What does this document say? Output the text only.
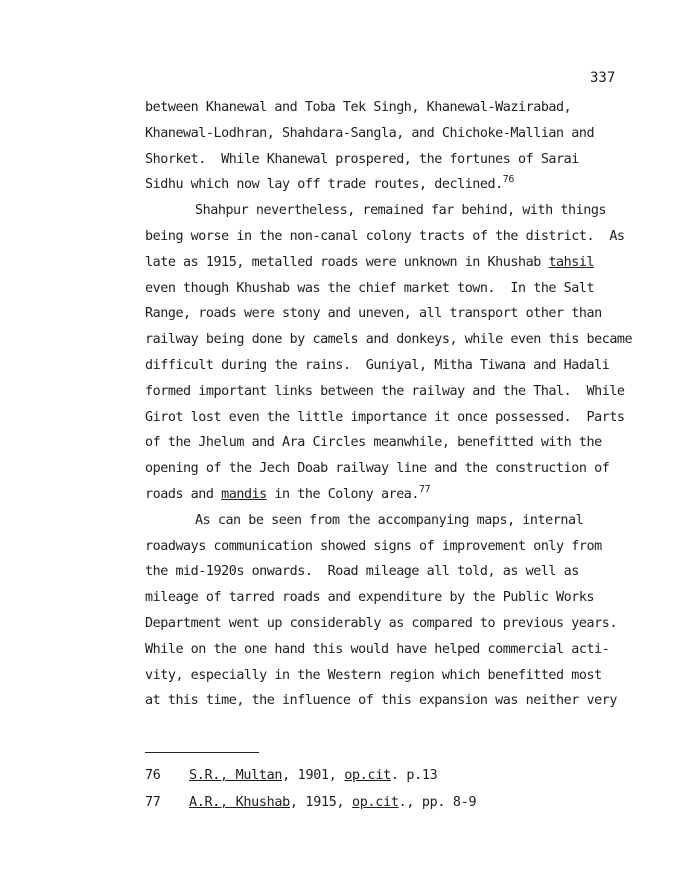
337
between Khanewal and Toba Tek Singh, Khanewal-Wazirabad,
Khanewal-Lodhran, Shahdara-Sangla, and Chichoke-Mallian and
Shorket.  While Khanewal prospered, the fortunes of Sarai
Sidhu which now lay off trade routes, declined.$^{76}$
Shahpur nevertheless, remained far behind, with things
being worse in the non-canal colony tracts of the district.  As
late as 1915, metalled roads were unknown in Khushab tahsil
even though Khushab was the chief market town.  In the Salt
Range, roads were stony and uneven, all transport other than
railway being done by camels and donkeys, while even this became
difficult during the rains.  Guniyal, Mitha Tiwana and Hadali
formed important links between the railway and the Thal.  While
Girot lost even the little importance it once possessed.  Parts
of the Jhelum and Ara Circles meanwhile, benefitted with the
opening of the Jech Doab railway line and the construction of
roads and mandis in the Colony area.$^{77}$
As can be seen from the accompanying maps, internal
roadways communication showed signs of improvement only from
the mid-1920s onwards.  Road mileage all told, as well as
mileage of tarred roads and expenditure by the Public Works
Department went up considerably as compared to previous years.
While on the one hand this would have helped commercial acti-
vity, especially in the Western region which benefitted most
at this time, the influence of this expansion was neither very
76 S.R., Multan, 1901, op.cit. p.13
77 A.R., Khushab, 1915, op.cit., pp. 8-9
